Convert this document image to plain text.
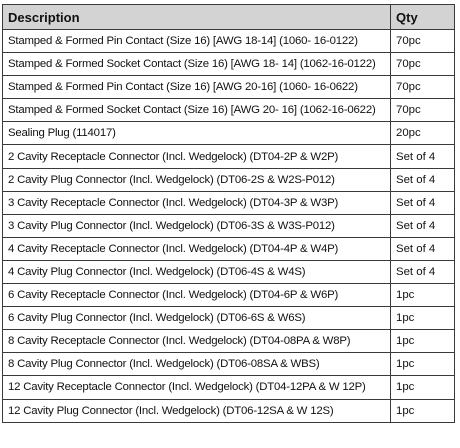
Description	Qty
Stamped & Formed Pin Contact (Size 16) [AWG 18-14] (1060- 16-0122)	70pc
Stamped & Formed Socket Contact (Size 16) [AWG 18- 14] (1062-16-0122)	70pc
Stamped & Formed Pin Contact (Size 16) [AWG 20-16] (1060- 16-0622)	70pc
Stamped & Formed Socket Contact (Size 16) [AWG 20- 16] (1062-16-0622)	70pc
Sealing Plug (114017)	20pc
2 Cavity Receptacle Connector (Incl. Wedgelock) (DT04-2P & W2P)	Set of 4
2 Cavity Plug Connector (Incl. Wedgelock) (DT06-2S & W2S-P012)	Set of 4
3 Cavity Receptacle Connector (Incl. Wedgelock) (DT04-3P & W3P)	Set of 4
3 Cavity Plug Connector (Incl. Wedgelock) (DT06-3S & W3S-P012)	Set of 4
4 Cavity Receptacle Connector (Incl. Wedgelock) (DT04-4P & W4P)	Set of 4
4 Cavity Plug Connector (Incl. Wedgelock) (DT06-4S & W4S)	Set of 4
6 Cavity Receptacle Connector (Incl. Wedgelock) (DT04-6P & W6P)	1pc
6 Cavity Plug Connector (Incl. Wedgelock) (DT06-6S & W6S)	1pc
8 Cavity Receptacle Connector (Incl. Wedgelock) (DT04-08PA & W8P)	1pc
8 Cavity Plug Connector (Incl. Wedgelock) (DT06-08SA & WBS)	1pc
12 Cavity Receptacle Connector (Incl. Wedgelock) (DT04-12PA & W 12P)	1pc
12 Cavity Plug Connector (Incl. Wedgelock) (DT06-12SA & W 12S)	1pc
